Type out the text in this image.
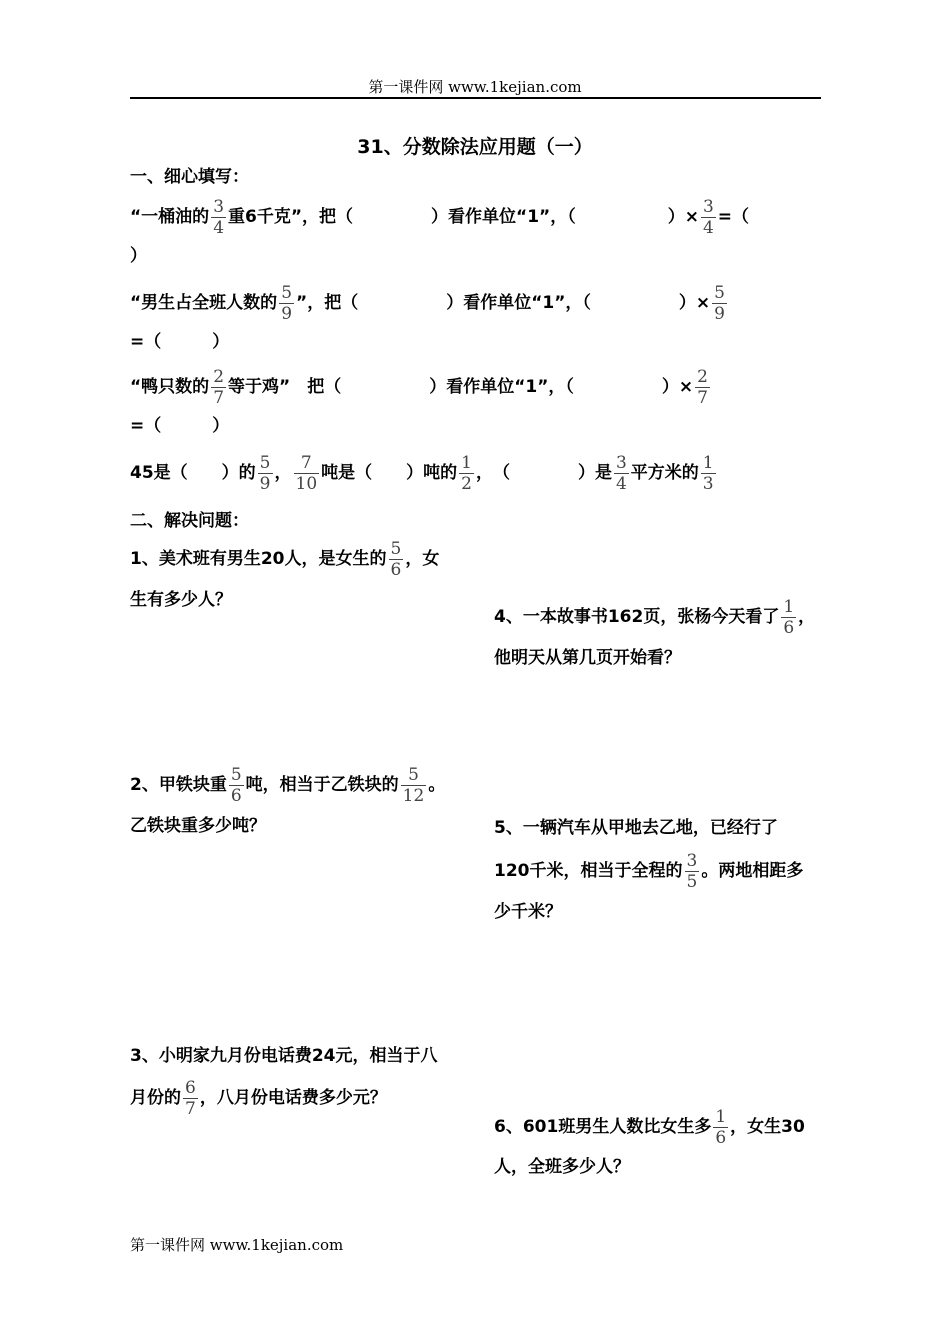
第一课件网 www.1kejian.com
31、分数除法应用题（一）
一、细心填写：
“一桶油的 $\frac{3}{4}$ 重6千克”，把（	）看作单位“1”，（	）× $\frac{3}{4}$ =（
）
“男生占全班人数的 $\frac{5}{9}$ ”，把（	）看作单位“1”，（	）× $\frac{5}{9}$
=（　　　）
“鸭只数的 $\frac{2}{7}$ 等于鸡”　把（	）看作单位“1”，（	）× $\frac{2}{7}$
=（　　　）
45是（　　）的 $\frac{5}{9}$ ， $\frac{7}{10}$ 吨是（　　）吨的 $\frac{1}{2}$ ，　（　　　　）是 $\frac{3}{4}$ 平方米的 $\frac{1}{3}$
二、解决问题：
1、美术班有男生20人，是女生的 $\frac{5}{6}$ ，女
生有多少人？
4、一本故事书162页，张杨今天看了 $\frac{1}{6}$ ，
他明天从第几页开始看？
2、甲铁块重 $\frac{5}{6}$ 吨，相当于乙铁块的 $\frac{5}{12}$ 。
乙铁块重多少吨？	5、一辆汽车从甲地去乙地，已经行了
120千米，相当于全程的 $\frac{3}{5}$ 。两地相距多
少千米？
3、小明家九月份电话费24元，相当于八
月份的 $\frac{6}{7}$ ，八月份电话费多少元？
6、601班男生人数比女生多 $\frac{1}{6}$ ，女生30
人，全班多少人？
第一课件网 www.1kejian.com
